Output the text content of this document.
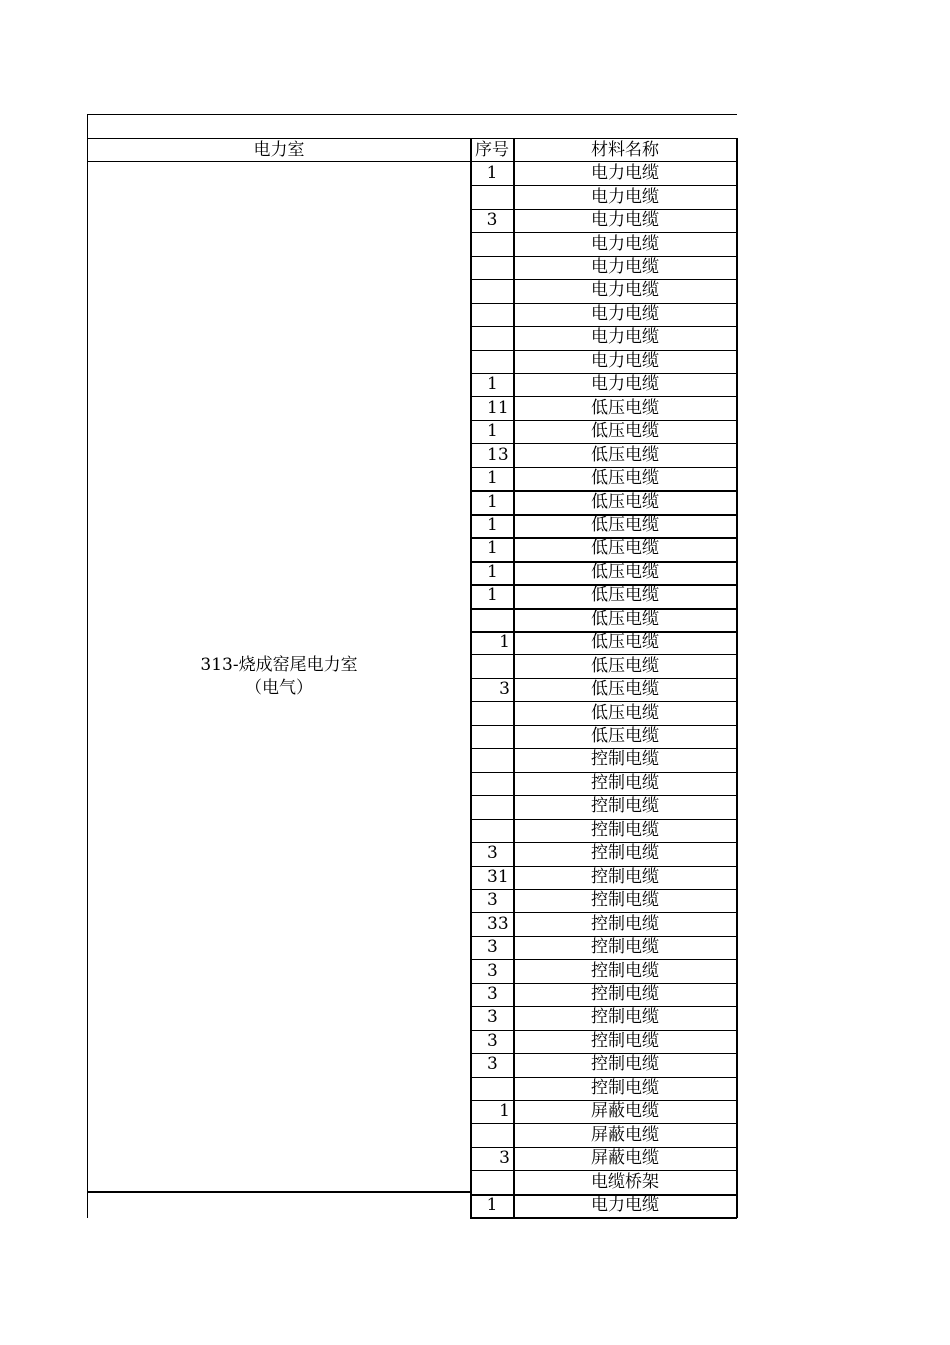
电力室	序号	材料名称
313-烧成窑尾电力室
（电气）
1	电力电缆
电力电缆
3	电力电缆
电力电缆
电力电缆
电力电缆
电力电缆
电力电缆
电力电缆
1	电力电缆
11	低压电缆
1	低压电缆
13	低压电缆
1	低压电缆
1	低压电缆
1	低压电缆
1	低压电缆
1	低压电缆
1	低压电缆
低压电缆
1	低压电缆
低压电缆
3	低压电缆
低压电缆
低压电缆
控制电缆
控制电缆
控制电缆
控制电缆
3	控制电缆
31	控制电缆
3	控制电缆
33	控制电缆
3	控制电缆
3	控制电缆
3	控制电缆
3	控制电缆
3	控制电缆
3	控制电缆
控制电缆
1	屏蔽电缆
屏蔽电缆
3	屏蔽电缆
电缆桥架
1	电力电缆
